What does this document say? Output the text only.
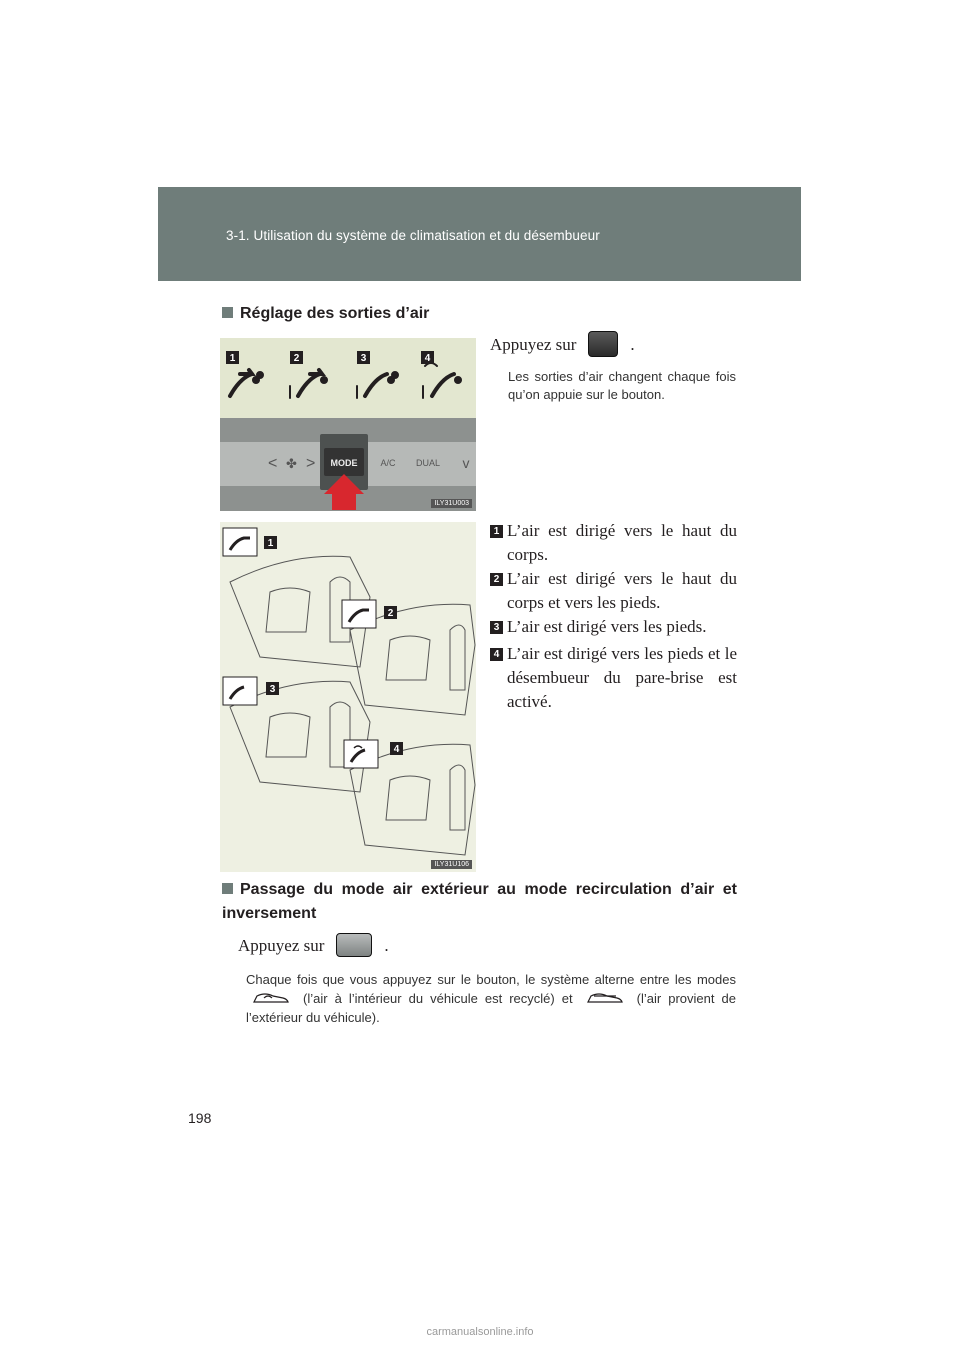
3-1. Utilisation du système de climatisation et du désembueur
Réglage des sorties d’air
1	2	3	4
MODE	A/C DUAL
< ✤ >	v
ILY31U003
Appuyez sur	.
Les sorties d’air changent chaque fois qu’on appuie sur le bouton.
1
2
3
4
ILY31U106
1 L’air est dirigé vers le haut du corps.
2 L’air est dirigé vers le haut du corps et vers les pieds.
3 L’air est dirigé vers les pieds.
4 L’air est dirigé vers les pieds et le désembueur du pare-brise est activé.
Passage du mode air extérieur au mode recirculation d’air et inversement
Appuyez sur	.
Chaque fois que vous appuyez sur le bouton, le système alterne entre les modes  (l’air à l’intérieur du véhicule est recyclé) et	(l’air provient de l’extérieur du véhicule).
198
carmanualsonline.info
